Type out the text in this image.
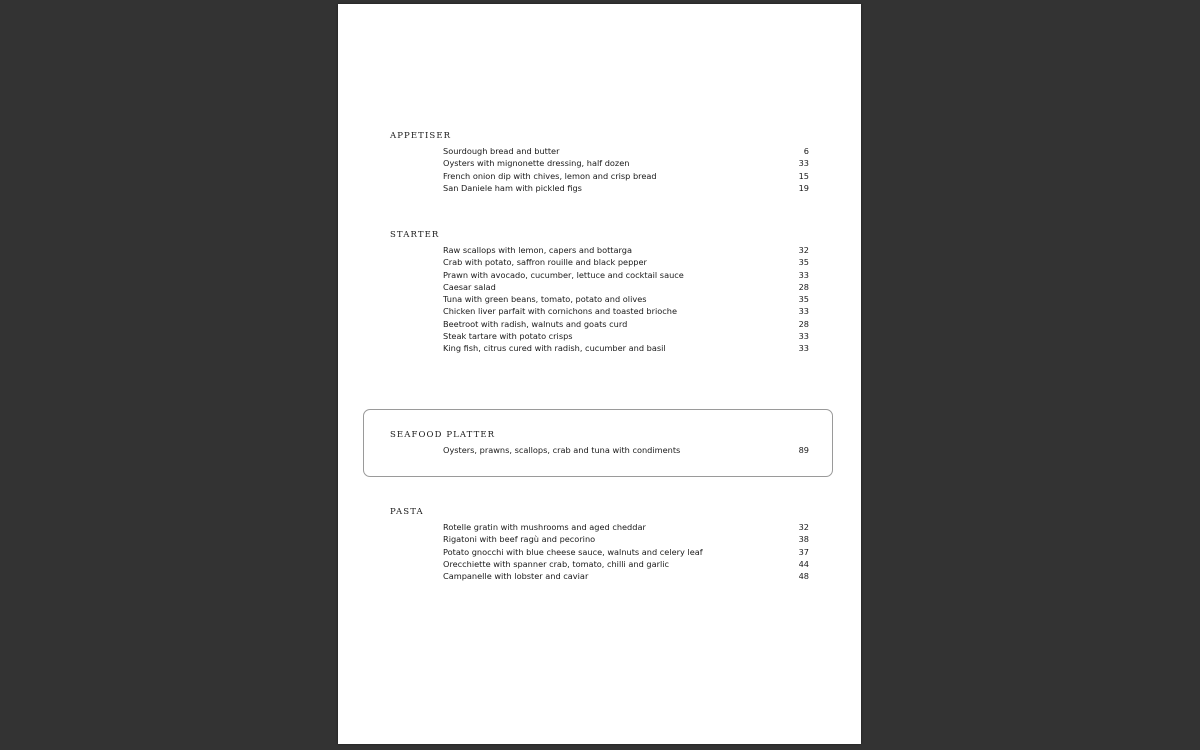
APPETISER
Sourdough bread and butter	6
Oysters with mignonette dressing, half dozen	33
French onion dip with chives, lemon and crisp bread	15
San Daniele ham with pickled figs	19
STARTER
Raw scallops with lemon, capers and bottarga	32
Crab with potato, saffron rouille and black pepper	35
Prawn with avocado, cucumber, lettuce and cocktail sauce	33
Caesar salad	28
Tuna with green beans, tomato, potato and olives	35
Chicken liver parfait with cornichons and toasted brioche	33
Beetroot with radish, walnuts and goats curd	28
Steak tartare with potato crisps	33
King fish, citrus cured with radish, cucumber and basil	33
SEAFOOD PLATTER
Oysters, prawns, scallops, crab and tuna with condiments	89
PASTA
Rotelle gratin with mushrooms and aged cheddar	32
Rigatoni with beef ragù and pecorino	38
Potato gnocchi with blue cheese sauce, walnuts and celery leaf	37
Orecchiette with spanner crab, tomato, chilli and garlic	44
Campanelle with lobster and caviar	48
